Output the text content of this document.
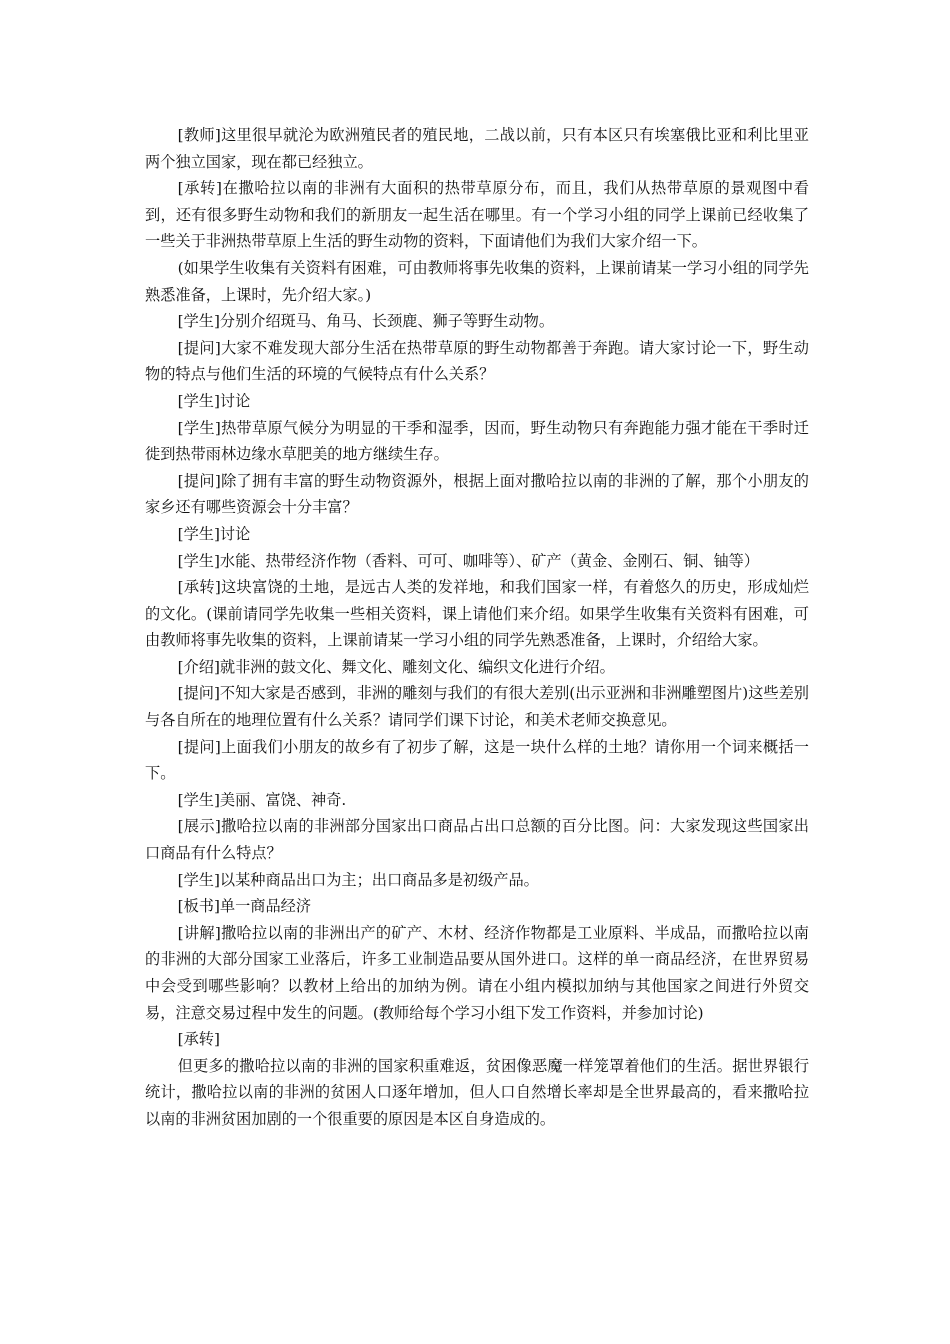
[教师]这里很早就沦为欧洲殖民者的殖民地，二战以前，只有本区只有埃塞俄比亚和利比里亚两个独立国家，现在都已经独立。

[承转]在撒哈拉以南的非洲有大面积的热带草原分布，而且，我们从热带草原的景观图中看到，还有很多野生动物和我们的新朋友一起生活在哪里。有一个学习小组的同学上课前已经收集了一些关于非洲热带草原上生活的野生动物的资料，下面请他们为我们大家介绍一下。

(如果学生收集有关资料有困难，可由教师将事先收集的资料，上课前请某一学习小组的同学先熟悉准备，上课时，先介绍大家。)

[学生]分别介绍斑马、角马、长颈鹿、狮子等野生动物。

[提问]大家不难发现大部分生活在热带草原的野生动物都善于奔跑。请大家讨论一下，野生动物的特点与他们生活的环境的气候特点有什么关系？

[学生]讨论

[学生]热带草原气候分为明显的干季和湿季，因而，野生动物只有奔跑能力强才能在干季时迁徙到热带雨林边缘水草肥美的地方继续生存。

[提问]除了拥有丰富的野生动物资源外，根据上面对撒哈拉以南的非洲的了解，那个小朋友的家乡还有哪些资源会十分丰富？

[学生]讨论

[学生]水能、热带经济作物（香料、可可、咖啡等）、矿产（黄金、金刚石、铜、铀等）

[承转]这块富饶的土地，是远古人类的发祥地，和我们国家一样，有着悠久的历史，形成灿烂的文化。(课前请同学先收集一些相关资料，课上请他们来介绍。如果学生收集有关资料有困难，可由教师将事先收集的资料，上课前请某一学习小组的同学先熟悉准备，上课时，介绍给大家。

[介绍]就非洲的鼓文化、舞文化、雕刻文化、编织文化进行介绍。

[提问]不知大家是否感到，非洲的雕刻与我们的有很大差别(出示亚洲和非洲雕塑图片)这些差别与各自所在的地理位置有什么关系？请同学们课下讨论，和美术老师交换意见。

[提问]上面我们小朋友的故乡有了初步了解，这是一块什么样的土地？请你用一个词来概括一下。

[学生]美丽、富饶、神奇.

[展示]撒哈拉以南的非洲部分国家出口商品占出口总额的百分比图。问：大家发现这些国家出口商品有什么特点？

[学生]以某种商品出口为主；出口商品多是初级产品。

[板书]单一商品经济

[讲解]撒哈拉以南的非洲出产的矿产、木材、经济作物都是工业原料、半成品，而撒哈拉以南的非洲的大部分国家工业落后，许多工业制造品要从国外进口。这样的单一商品经济，在世界贸易中会受到哪些影响？以教材上给出的加纳为例。请在小组内模拟加纳与其他国家之间进行外贸交易，注意交易过程中发生的问题。(教师给每个学习小组下发工作资料，并参加讨论)

[承转]

但更多的撒哈拉以南的非洲的国家积重难返，贫困像恶魔一样笼罩着他们的生活。据世界银行统计，撒哈拉以南的非洲的贫困人口逐年增加，但人口自然增长率却是全世界最高的，看来撒哈拉以南的非洲贫困加剧的一个很重要的原因是本区自身造成的。
